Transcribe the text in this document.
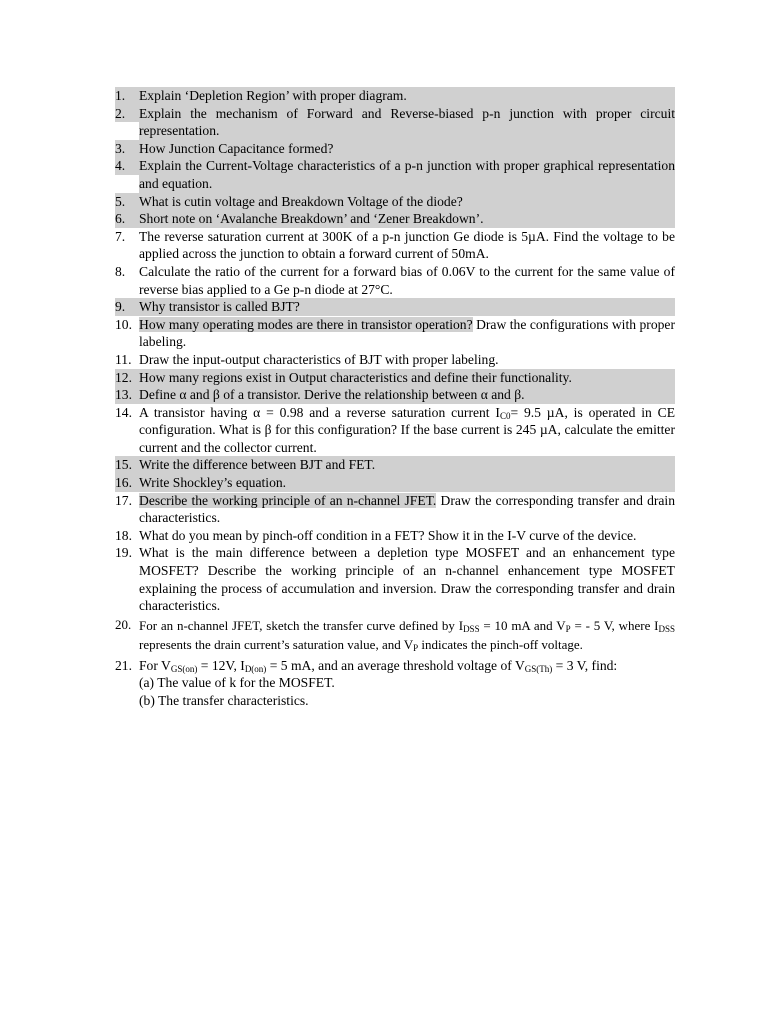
1.	Explain ‘Depletion Region’ with proper diagram.
2.	Explain the mechanism of Forward and Reverse-biased p-n junction with proper circuit representation.
3.	How Junction Capacitance formed?
4.	Explain the Current-Voltage characteristics of a p-n junction with proper graphical representation and equation.
5.	What is cutin voltage and Breakdown Voltage of the diode?
6.	Short note on ‘Avalanche Breakdown’ and ‘Zener Breakdown’.
7.	The reverse saturation current at 300K of a p-n junction Ge diode is 5µA. Find the voltage to be applied across the junction to obtain a forward current of 50mA.
8.	Calculate the ratio of the current for a forward bias of 0.06V to the current for the same value of reverse bias applied to a Ge p-n diode at 27°C.
9.	Why transistor is called BJT?
10. How many operating modes are there in transistor operation? Draw the configurations with proper labeling.
11. Draw the input-output characteristics of BJT with proper labeling.
12. How many regions exist in Output characteristics and define their functionality.
13. Define α and β of a transistor. Derive the relationship between α and β.
14. A transistor having α = 0.98 and a reverse saturation current $I_{C0}= 9.5$ µA, is operated in CE configuration. What is β for this configuration? If the base current is 245 µA, calculate the emitter current and the collector current.
15. Write the difference between BJT and FET.
16. Write Shockley’s equation.
17. Describe the working principle of an n-channel JFET. Draw the corresponding transfer and drain characteristics.
18. What do you mean by pinch-off condition in a FET? Show it in the I-V curve of the device.
19. What is the main difference between a depletion type MOSFET and an enhancement type MOSFET? Describe the working principle of an n-channel enhancement type MOSFET explaining the process of accumulation and inversion. Draw the corresponding transfer and drain characteristics.
20. For an n-channel JFET, sketch the transfer curve defined by $I_{DSS} = 10$ mA and $V_P$ = - 5 V, where $I_{DSS}$ represents the drain current’s saturation value, and $V_P$ indicates the pinch-off voltage.
21. For $V_{GS(on)} = 12V$, $I_{D(on)} = 5$ mA, and an average threshold voltage of $V_{GS(Th)} = 3$ V, find:
(a) The value of k for the MOSFET.
(b) The transfer characteristics.
